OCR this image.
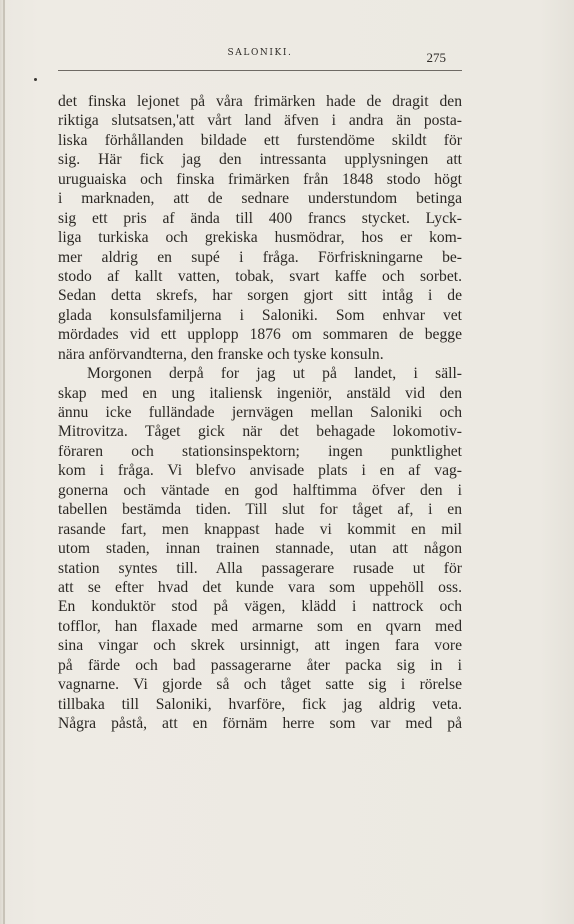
SALONIKI.	275
det finska lejonet på våra frimärken hade de dragit den
riktiga slutsatsen,'att vårt land äfven i andra än posta-
liska förhållanden bildade ett furstendöme skildt för
sig. Här fick jag den intressanta upplysningen att
uruguaiska och finska frimärken från 1848 stodo högt
i marknaden, att de sednare understundom betinga
sig ett pris af ända till 400 francs stycket. Lyck-
liga turkiska och grekiska husmödrar, hos er kom-
mer aldrig en supé i fråga. Förfriskningarne be-
stodo af kallt vatten, tobak, svart kaffe och sorbet.
Sedan detta skrefs, har sorgen gjort sitt intåg i de
glada konsulsfamiljerna i Saloniki. Som enhvar vet
mördades vid ett upplopp 1876 om sommaren de begge
nära anförvandterna, den franske och tyske konsuln.
Morgonen derpå for jag ut på landet, i säll-
skap med en ung italiensk ingeniör, anstäld vid den
ännu icke fulländade jernvägen mellan Saloniki och
Mitrovitza. Tåget gick när det behagade lokomotiv-
föraren och stationsinspektorn; ingen punktlighet
kom i fråga. Vi blefvo anvisade plats i en af vag-
gonerna och väntade en god halftimma öfver den i
tabellen bestämda tiden. Till slut for tåget af, i en
rasande fart, men knappast hade vi kommit en mil
utom staden, innan trainen stannade, utan att någon
station syntes till. Alla passagerare rusade ut för
att se efter hvad det kunde vara som uppehöll oss.
En konduktör stod på vägen, klädd i nattrock och
tofflor, han flaxade med armarne som en qvarn med
sina vingar och skrek ursinnigt, att ingen fara vore
på färde och bad passagerarne åter packa sig in i
vagnarne. Vi gjorde så och tåget satte sig i rörelse
tillbaka till Saloniki, hvarföre, fick jag aldrig veta.
Några påstå, att en förnäm herre som var med på
